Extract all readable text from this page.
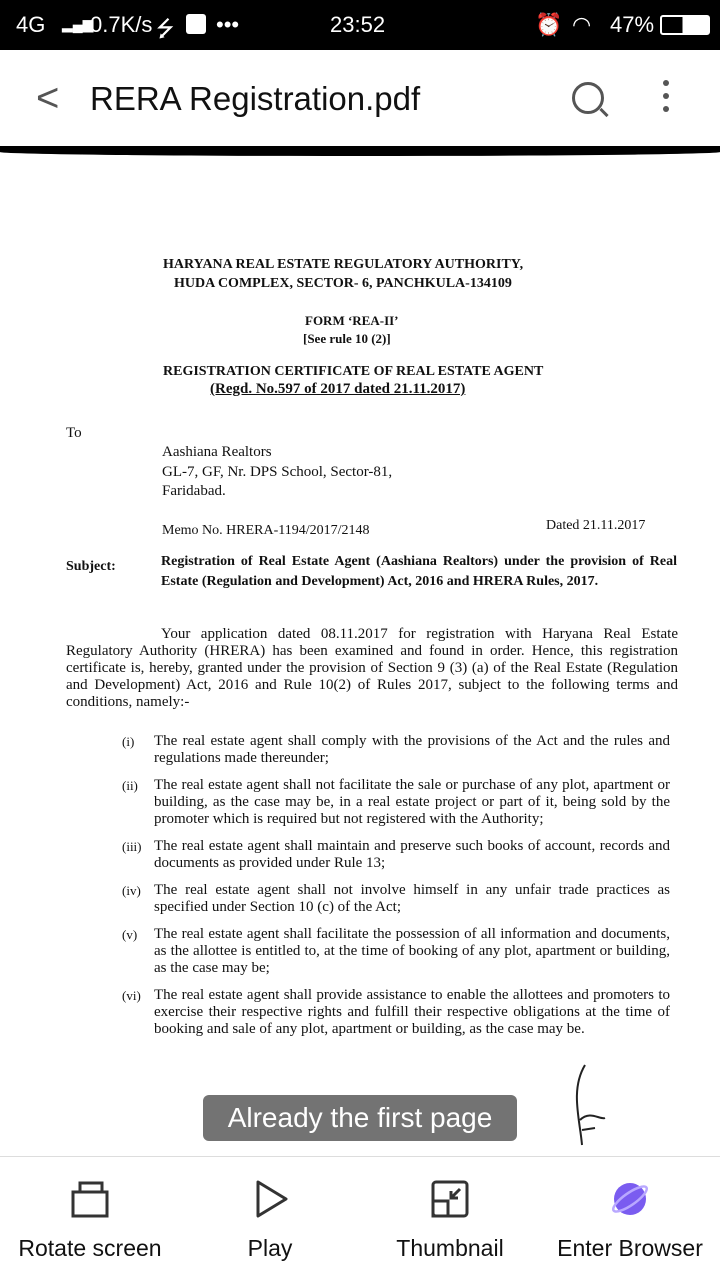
4G ▂▄▆
0.7K/s ⭍ •••	23:52	⏰ ◠ 47%
< RERA Registration.pdf
HARYANA REAL ESTATE REGULATORY AUTHORITY,
HUDA COMPLEX, SECTOR- 6, PANCHKULA-134109
FORM ‘REA-II’
[See rule 10 (2)]
REGISTRATION CERTIFICATE OF REAL ESTATE AGENT
(Regd. No.597 of 2017 dated 21.11.2017)
To
Aashiana Realtors
GL-7, GF, Nr. DPS School, Sector-81,
Faridabad.
Memo No. HRERA-1194/2017/2148	Dated 21.11.2017
Subject:	Registration of Real Estate Agent (Aashiana Realtors) under the provision of Real Estate (Regulation and Development) Act, 2016 and HRERA Rules, 2017.
Your application dated 08.11.2017 for registration with Haryana Real Estate Regulatory Authority (HRERA) has been examined and found in order. Hence, this registration certificate is, hereby, granted under the provision of Section 9 (3) (a) of the Real Estate (Regulation and Development) Act, 2016 and Rule 10(2) of Rules 2017, subject to the following terms and conditions, namely:-
(i)	The real estate agent shall comply with the provisions of the Act and the rules and regulations made thereunder;
(ii)	The real estate agent shall not facilitate the sale or purchase of any plot, apartment or building, as the case may be, in a real estate project or part of it, being sold by the promoter which is required but not registered with the Authority;
(iii) The real estate agent shall maintain and preserve such books of account, records and documents as provided under Rule 13;
(iv) The real estate agent shall not involve himself in any unfair trade practices as specified under Section 10 (c) of the Act;
(v)	The real estate agent shall facilitate the possession of all information and documents, as the allottee is entitled to, at the time of booking of any plot, apartment or building, as the case may be;
(vi) The real estate agent shall provide assistance to enable the allottees and promoters to exercise their respective rights and fulfill their respective obligations at the time of booking and sale of any plot, apartment or building, as the case may be.
Already the first page
Rotate screen	Play	Thumbnail	Enter Browser
